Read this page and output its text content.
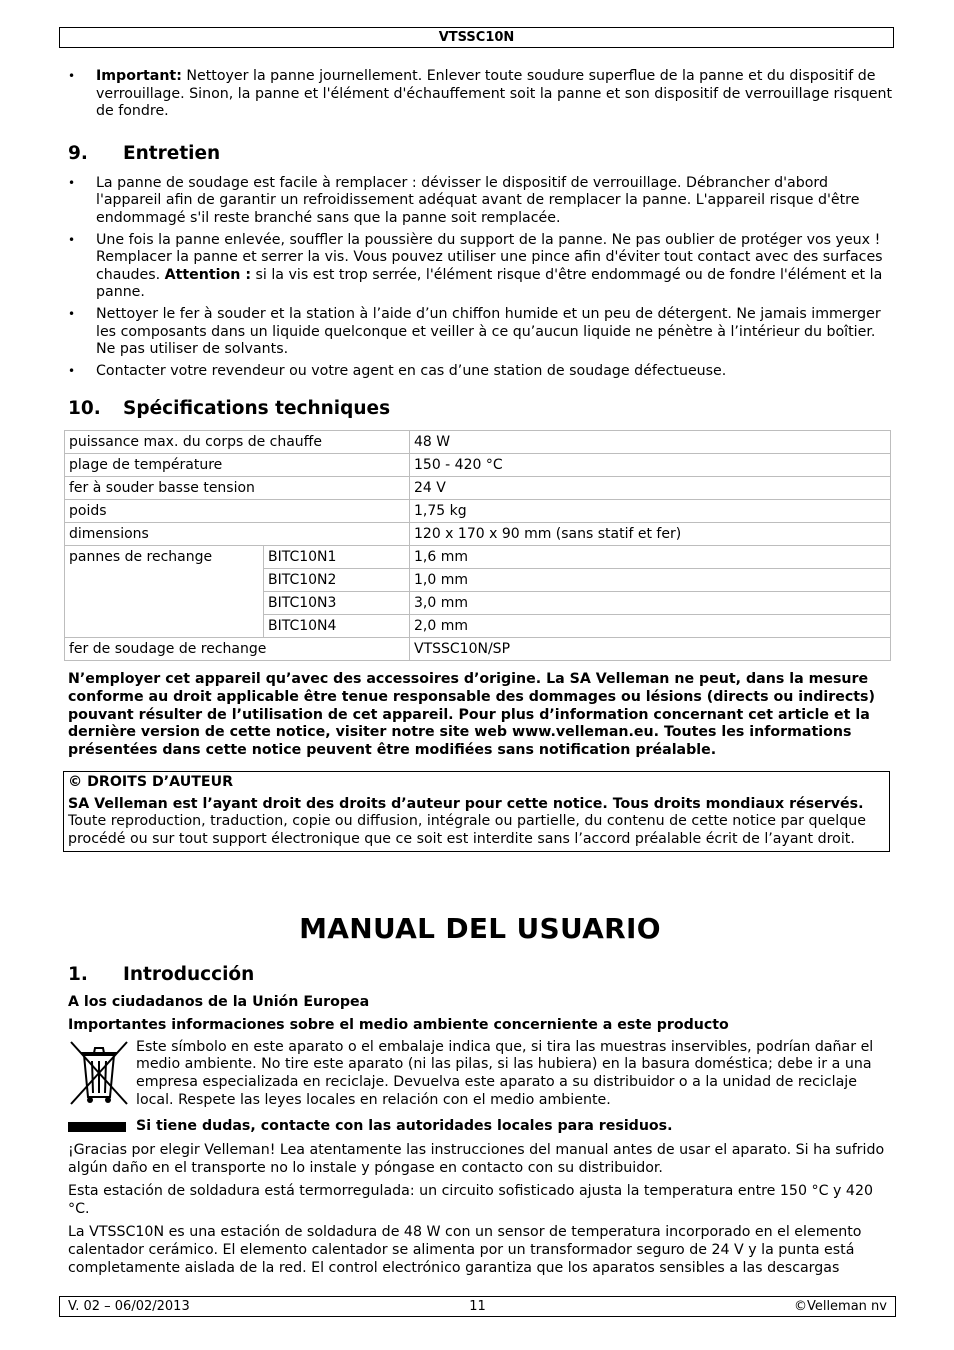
VTSSC10N
• Important: Nettoyer la panne journellement. Enlever toute soudure superflue de la panne et du dispositif de verrouillage. Sinon, la panne et l'élément d'échauffement soit la panne et son dispositif de verrouillage risquent de fondre.
9. Entretien
• La panne de soudage est facile à remplacer : dévisser le dispositif de verrouillage. Débrancher d'abord l'appareil afin de garantir un refroidissement adéquat avant de remplacer la panne. L'appareil risque d'être endommagé s'il reste branché sans que la panne soit remplacée.
• Une fois la panne enlevée, souffler la poussière du support de la panne. Ne pas oublier de protéger vos yeux ! Remplacer la panne et serrer la vis. Vous pouvez utiliser une pince afin d'éviter tout contact avec des surfaces chaudes. Attention : si la vis est trop serrée, l'élément risque d'être endommagé ou de fondre l'élément et la panne.
• Nettoyer le fer à souder et la station à l’aide d’un chiffon humide et un peu de détergent. Ne jamais immerger les composants dans un liquide quelconque et veiller à ce qu’aucun liquide ne pénètre à l’intérieur du boîtier. Ne pas utiliser de solvants.
• Contacter votre revendeur ou votre agent en cas d’une station de soudage défectueuse.
10. Spécifications techniques
puissance max. du corps de chauffe		48 W
plage de température		150 - 420 °C
fer à souder basse tension		24 V
poids		1,75 kg
dimensions		120 x 170 x 90 mm (sans statif et fer)
pannes de rechange	BITC10N1	1,6 mm
	BITC10N2	1,0 mm
	BITC10N3	3,0 mm
	BITC10N4	2,0 mm
fer de soudage de rechange		VTSSC10N/SP
N’employer cet appareil qu’avec des accessoires d’origine. La SA Velleman ne peut, dans la mesure conforme au droit applicable être tenue responsable des dommages ou lésions (directs ou indirects) pouvant résulter de l’utilisation de cet appareil. Pour plus d’information concernant cet article et la dernière version de cette notice, visiter notre site web www.velleman.eu. Toutes les informations présentées dans cette notice peuvent être modifiées sans notification préalable.
© DROITS D’AUTEUR
SA Velleman est l’ayant droit des droits d’auteur pour cette notice. Tous droits mondiaux réservés.
Toute reproduction, traduction, copie ou diffusion, intégrale ou partielle, du contenu de cette notice par quelque procédé ou sur tout support électronique que ce soit est interdite sans l’accord préalable écrit de l’ayant droit.
MANUAL DEL USUARIO
1. Introducción
A los ciudadanos de la Unión Europea
Importantes informaciones sobre el medio ambiente concerniente a este producto

Este símbolo en este aparato o el embalaje indica que, si tira las muestras inservibles, podrían dañar el medio ambiente. No tire este aparato (ni las pilas, si las hubiera) en la basura doméstica; debe ir a una empresa especializada en reciclaje. Devuelva este aparato a su distribuidor o a la unidad de reciclaje local. Respete las leyes locales en relación con el medio ambiente.

Si tiene dudas, contacte con las autoridades locales para residuos.

¡Gracias por elegir Velleman! Lea atentamente las instrucciones del manual antes de usar el aparato. Si ha sufrido algún daño en el transporte no lo instale y póngase en contacto con su distribuidor.

Esta estación de soldadura está termorregulada: un circuito sofisticado ajusta la temperatura entre 150 °C y 420 °C.

La VTSSC10N es una estación de soldadura de 48 W con un sensor de temperatura incorporado en el elemento calentador cerámico. El elemento calentador se alimenta por un transformador seguro de 24 V y la punta está completamente aislada de la red. El control electrónico garantiza que los aparatos sensibles a las descargas

V. 02 – 06/02/2013	11	©Velleman nv
